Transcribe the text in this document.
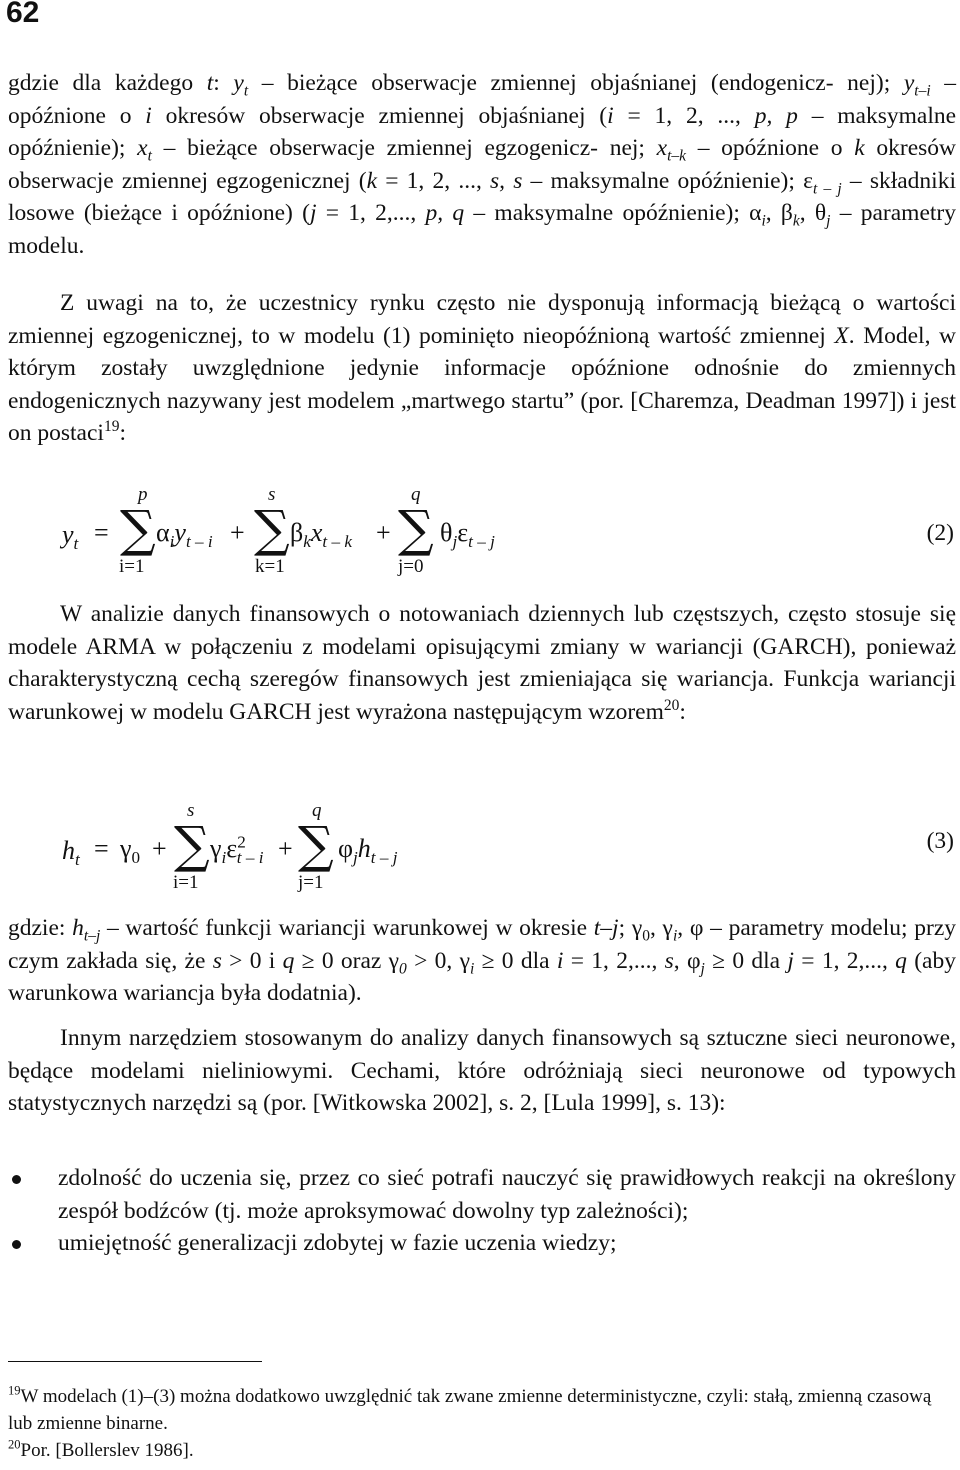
62

gdzie dla każdego t: $y_t$ – bieżące obserwacje zmiennej objaśnianej (endogenicz- nej); $y_{t-i}$ – opóźnione o i okresów obserwacje zmiennej objaśnianej (i = 1, 2, ..., p, p – maksymalne opóźnienie); $x_t$ – bieżące obserwacje zmiennej egzogenicz- nej; $x_{t-k}$ – opóźnione o k okresów obserwacje zmiennej egzogenicznej (k = 1, 2, ..., s, s – maksymalne opóźnienie); $\varepsilon_{t - j}$ – składniki losowe (bieżące i opóźnione) (j = 1, 2,..., p, q – maksymalne opóźnienie); $\alpha_i$, $\beta_k$, $\theta_j$ – parametry modelu.

Z uwagi na to, że uczestnicy rynku często nie dysponują informacją bieżącą o wartości zmiennej egzogenicznej, to w modelu (1) pominięto nieopóźnioną wartość zmiennej X. Model, w którym zostały uwzględnione jedynie informacje opóźnione odnośnie do zmiennych endogenicznych nazywany jest modelem „martwego startu” (por. [Charemza, Deadman 1997]) i jest on postaci$^{19}$:

$y_t$ =
p
∑
i=1
$\alpha_iy_{t - i}$ +
s
∑
k=1
$\beta_kx_{t - k}$ +
q
∑
j=0
$\theta_j\varepsilon_{t - j}$	(2)

W analizie danych finansowych o notowaniach dziennych lub częstszych, często stosuje się modele ARMA w połączeniu z modelami opisującymi zmiany w wariancji (GARCH), ponieważ charakterystyczną cechą szeregów finansowych jest zmieniająca się wariancja. Funkcja wariancji warunkowej w modelu GARCH jest wyrażona następującym wzorem$^{20}$:

$h_t = \gamma_0$ +
s
∑
i=1
$\gamma_i\varepsilon^2_{t - i}$ +
q
∑
j=1
$\varphi_jh_{t - j}$
(3)

gdzie: $h_{t-j}$ – wartość funkcji wariancji warunkowej w okresie t–j; $\gamma_0$, $\gamma_i$, φ – parametry modelu; przy czym zakłada się, że s > 0 i q ≥ 0 oraz $\gamma_0 > 0$, $\gamma_i \ge 0$ dla i = 1, 2,..., s, $\varphi_j \ge 0$ dla j = 1, 2,..., q (aby warunkowa wariancja była dodatnia).

Innym narzędziem stosowanym do analizy danych finansowych są sztuczne sieci neuronowe, będące modelami nieliniowymi. Cechami, które odróżniają sieci neuronowe od typowych statystycznych narzędzi są (por. [Witkowska 2002], s. 2, [Lula 1999], s. 13):

zdolność do uczenia się, przez co sieć potrafi nauczyć się prawidłowych reakcji na określony zespół bodźców (tj. może aproksymować dowolny typ zależności);
umiejętność generalizacji zdobytej w fazie uczenia wiedzy;

$^{19}$W modelach (1)–(3) można dodatkowo uwzględnić tak zwane zmienne deterministyczne, czyli: stałą, zmienną czasową lub zmienne binarne.

$^{20}$Por. [Bollerslev 1986].
